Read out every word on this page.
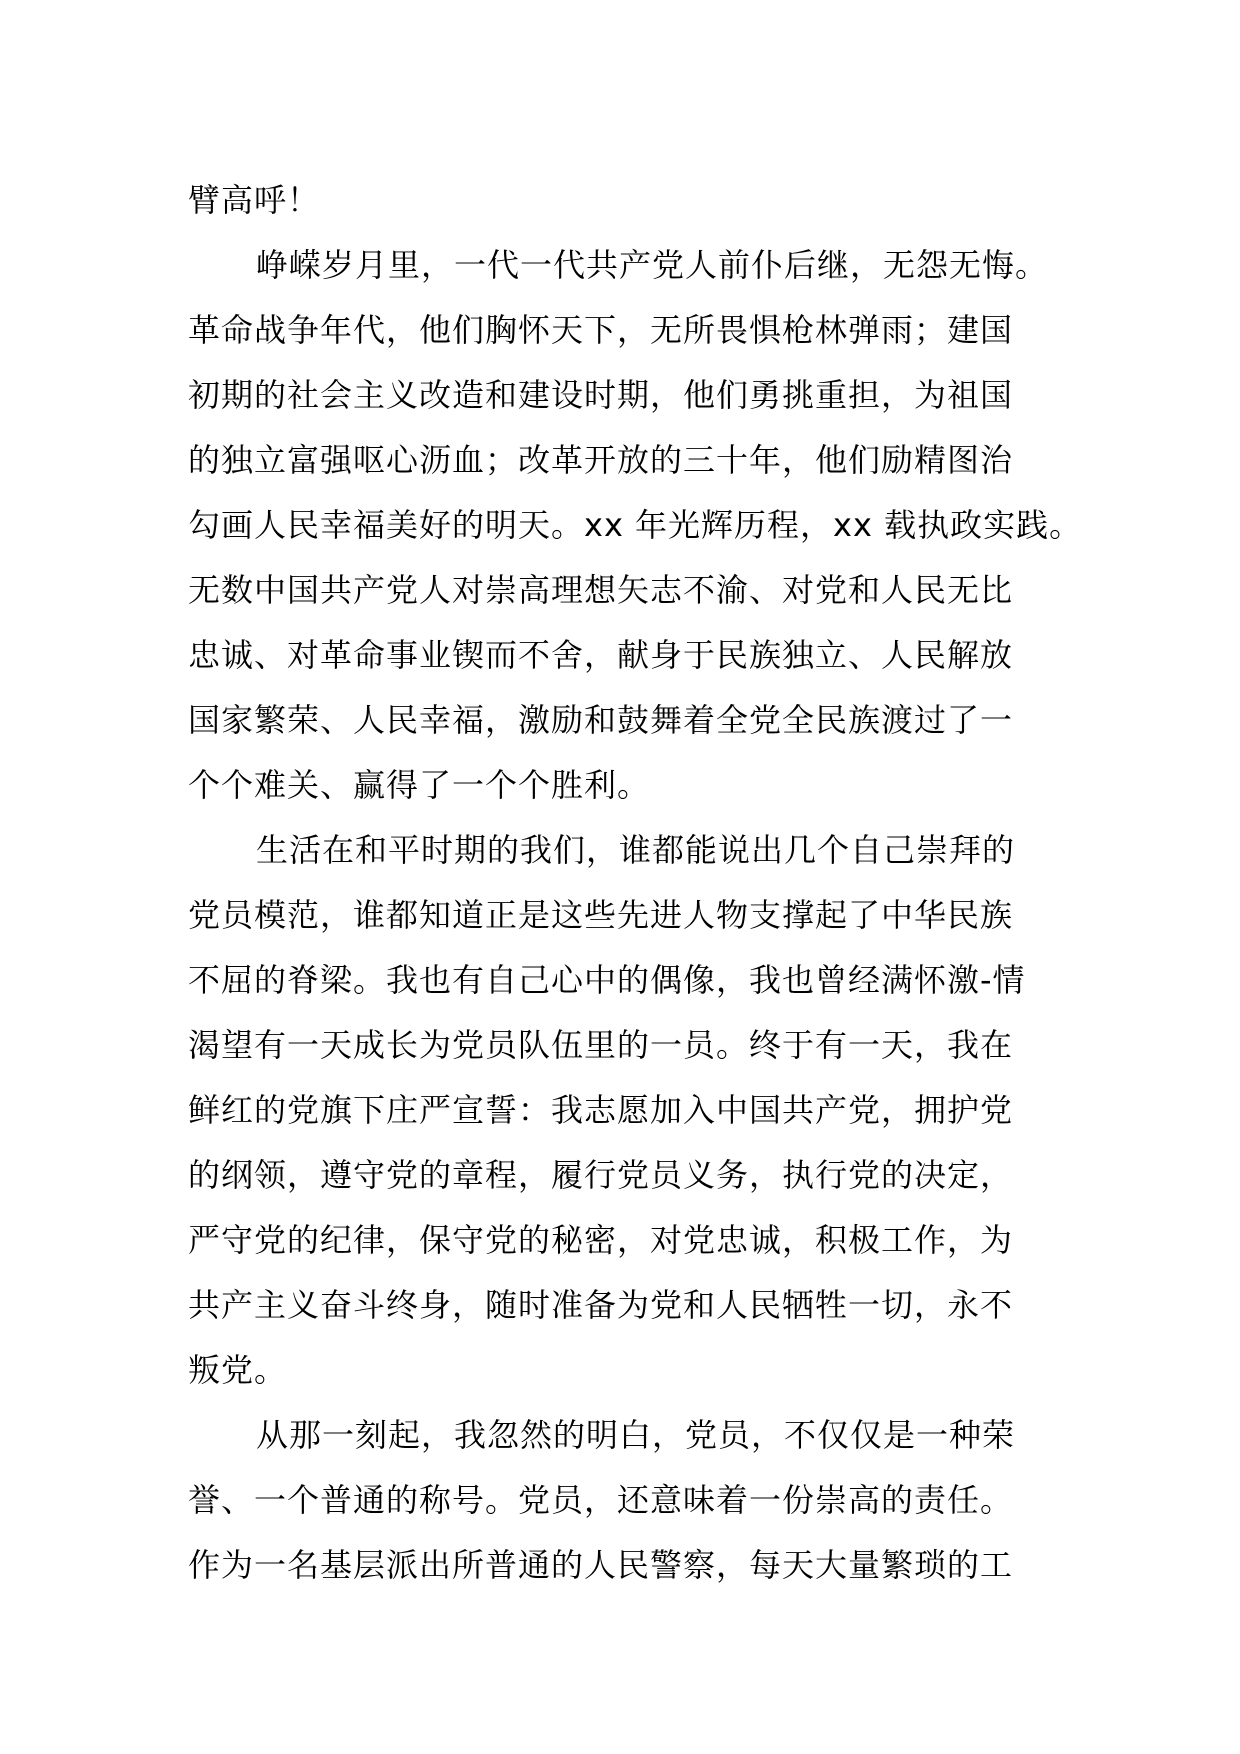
臂高呼！
峥嵘岁月里，一代一代共产党人前仆后继，无怨无悔。
革命战争年代，他们胸怀天下，无所畏惧枪林弹雨；建国
初期的社会主义改造和建设时期，他们勇挑重担，为祖国
的独立富强呕心沥血；改革开放的三十年，他们励精图治
勾画人民幸福美好的明天。xx 年光辉历程，xx 载执政实践。
无数中国共产党人对崇高理想矢志不渝、对党和人民无比
忠诚、对革命事业锲而不舍，献身于民族独立、人民解放
国家繁荣、人民幸福，激励和鼓舞着全党全民族渡过了一
个个难关、赢得了一个个胜利。
生活在和平时期的我们，谁都能说出几个自己崇拜的
党员模范，谁都知道正是这些先进人物支撑起了中华民族
不屈的脊梁。我也有自己心中的偶像，我也曾经满怀激-情
渴望有一天成长为党员队伍里的一员。终于有一天，我在
鲜红的党旗下庄严宣誓：我志愿加入中国共产党，拥护党
的纲领，遵守党的章程，履行党员义务，执行党的决定，
严守党的纪律，保守党的秘密，对党忠诚，积极工作，为
共产主义奋斗终身，随时准备为党和人民牺牲一切，永不
叛党。
从那一刻起，我忽然的明白，党员，不仅仅是一种荣
誉、一个普通的称号。党员，还意味着一份崇高的责任。
作为一名基层派出所普通的人民警察，每天大量繁琐的工
